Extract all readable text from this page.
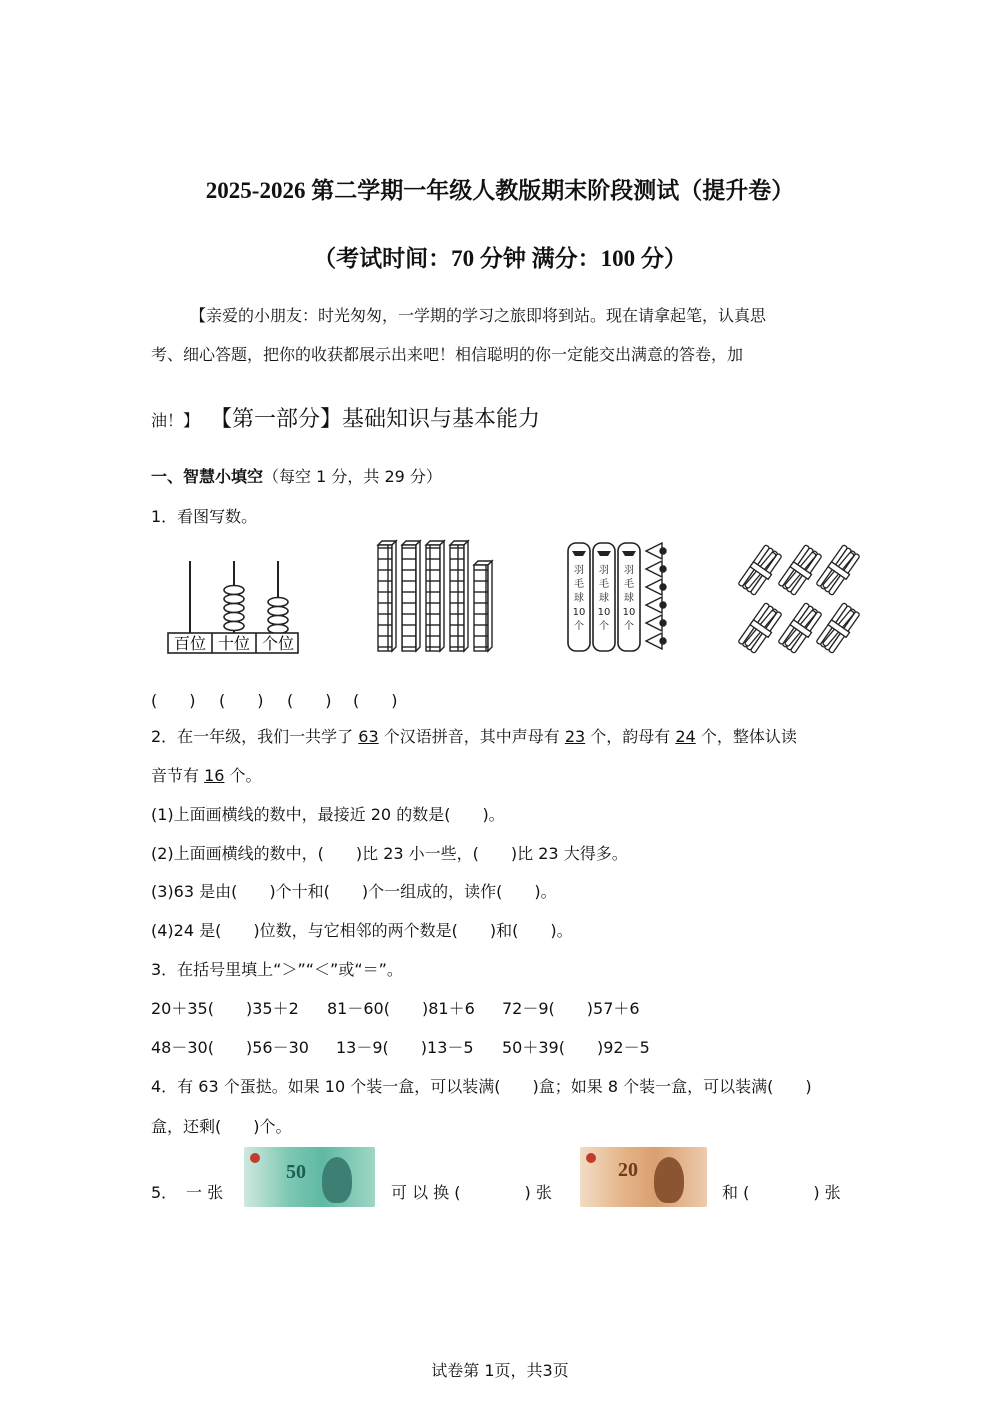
2025-2026 第二学期一年级人教版期末阶段测试（提升卷）
（考试时间：70 分钟 满分：100 分）
【亲爱的小朋友：时光匆匆，一学期的学习之旅即将到站。现在请拿起笔，认真思
考、细心答题，把你的收获都展示出来吧！相信聪明的你一定能交出满意的答卷，加
油！】 【第一部分】基础知识与基本能力
一、智慧小填空（每空 1 分，共 29 分）
1．看图写数。
百位 十位 个位
羽
毛
球
10
个
羽
毛
球
10
个
羽
毛
球
10
个
(　　) (　　) (　　) (　　)
2．在一年级，我们一共学了 63 个汉语拼音，其中声母有 23 个，韵母有 24 个，整体认读
音节有 16 个。
(1)上面画横线的数中，最接近 20 的数是(　　)。
(2)上面画横线的数中，(　　)比 23 小一些，(　　)比 23 大得多。
(3)63 是由(　　)个十和(　　)个一组成的，读作(　　)。
(4)24 是(　　)位数，与它相邻的两个数是(　　)和(　　)。
3．在括号里填上“＞”“＜”或“＝”。
20＋35(　　)35＋2 81－60(　　)81＋6 72－9(　　)57＋6
48－30(　　)56－30 13－9(　　)13－5 50＋39(　　)92－5
4．有 63 个蛋挞。如果 10 个装一盒，可以装满(　　)盒；如果 8 个装一盒，可以装满(　　)
盒，还剩(　　)个。
5． 一 张
50
可 以 换 (　　　　) 张
20
和 (　　　　) 张
试卷第 1页，共3页
